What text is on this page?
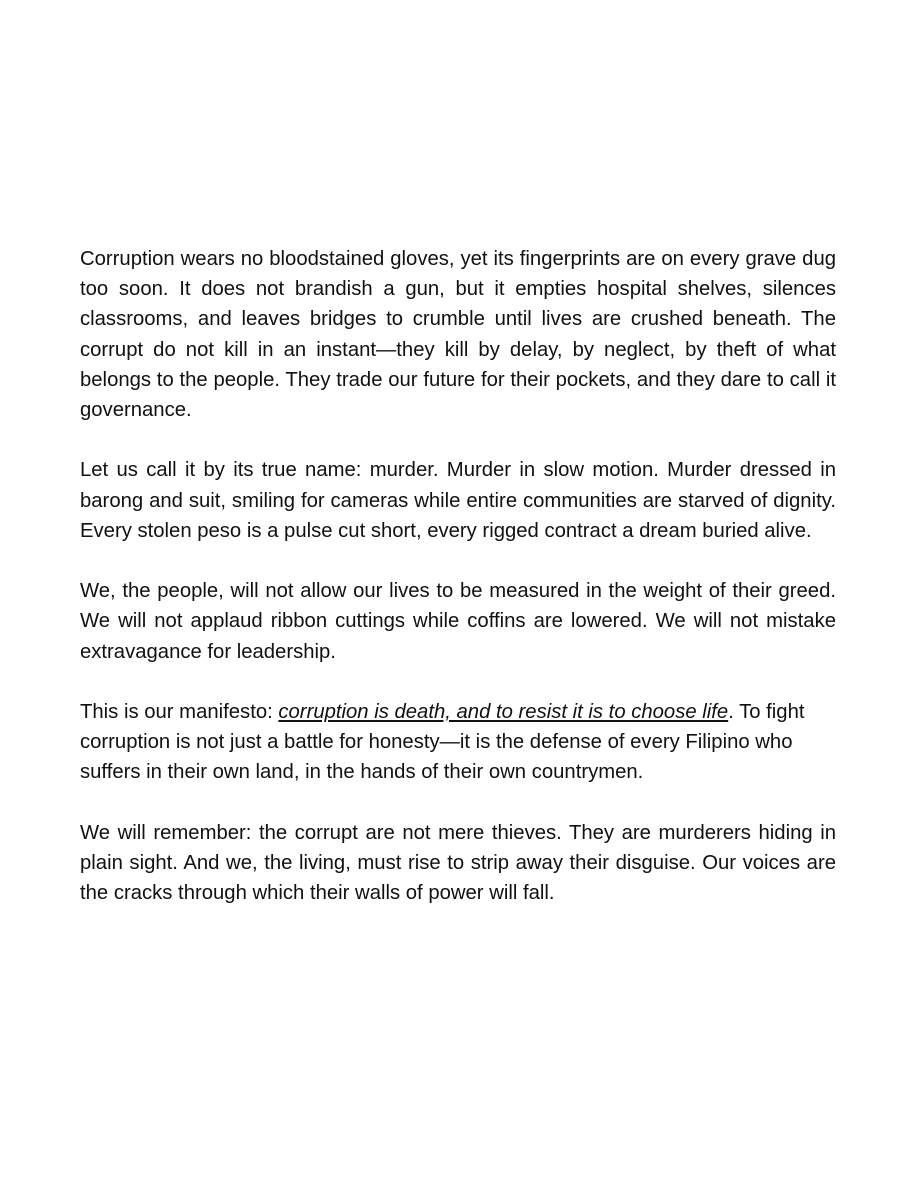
Corruption wears no bloodstained gloves, yet its fingerprints are on every grave dug too soon. It does not brandish a gun, but it empties hospital shelves, silences classrooms, and leaves bridges to crumble until lives are crushed beneath. The corrupt do not kill in an instant—they kill by delay, by neglect, by theft of what belongs to the people. They trade our future for their pockets, and they dare to call it governance.

Let us call it by its true name: murder. Murder in slow motion. Murder dressed in barong and suit, smiling for cameras while entire communities are starved of dignity. Every stolen peso is a pulse cut short, every rigged contract a dream buried alive.

We, the people, will not allow our lives to be measured in the weight of their greed. We will not applaud ribbon cuttings while coffins are lowered. We will not mistake extravagance for leadership.

This is our manifesto: corruption is death, and to resist it is to choose life. To fight corruption is not just a battle for honesty—it is the defense of every Filipino who suffers in their own land, in the hands of their own countrymen.

We will remember: the corrupt are not mere thieves. They are murderers hiding in plain sight. And we, the living, must rise to strip away their disguise. Our voices are the cracks through which their walls of power will fall.
